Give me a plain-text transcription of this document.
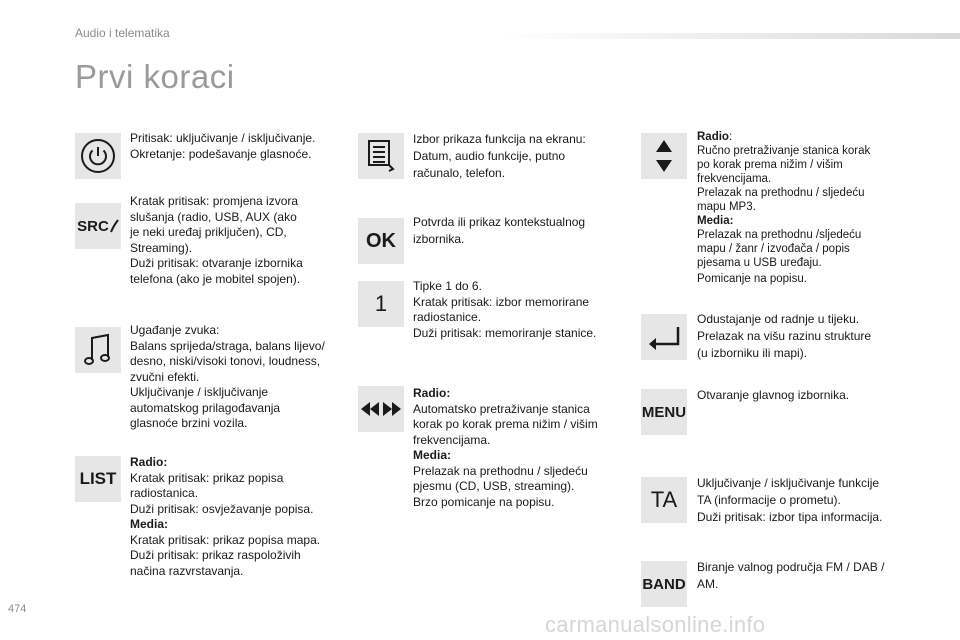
Audio i telematika
Prvi koraci
Pritisak: uključivanje / isključivanje.
Okretanje: podešavanje glasnoće.
SRC
Kratak pritisak: promjena izvora
slušanja (radio, USB, AUX (ako
je neki uređaj priključen), CD,
Streaming).
Duži pritisak: otvaranje izbornika
telefona (ako je mobitel spojen).
Ugađanje zvuka:
Balans sprijeda/straga, balans lijevo/
desno, niski/visoki tonovi, loudness,
zvučni efekti.
Uključivanje / isključivanje
automatskog prilagođavanja
glasnoće brzini vozila.
LIST
Radio:
Kratak pritisak: prikaz popisa
radiostanica.
Duži pritisak: osvježavanje popisa.
Media:
Kratak pritisak: prikaz popisa mapa.
Duži pritisak: prikaz raspoloživih
načina razvrstavanja.
Izbor prikaza funkcija na ekranu:
Datum, audio funkcije, putno
računalo, telefon.
OK
Potvrda ili prikaz kontekstualnog
izbornika.
1
Tipke 1 do 6.
Kratak pritisak: izbor memorirane
radiostanice.
Duži pritisak: memoriranje stanice.
Radio:
Automatsko pretraživanje stanica
korak po korak prema nižim / višim
frekvencijama.
Media:
Prelazak na prethodnu / sljedeću
pjesmu (CD, USB, streaming).
Brzo pomicanje na popisu.
Radio:
Ručno pretraživanje stanica korak
po korak prema nižim / višim
frekvencijama.
Prelazak na prethodnu / sljedeću
mapu MP3.
Media:
Prelazak na prethodnu /sljedeću
mapu / žanr / izvođača / popis
pjesama u USB uređaju.
Pomicanje na popisu.
Odustajanje od radnje u tijeku.
Prelazak na višu razinu strukture
(u izborniku ili mapi).
MENU
Otvaranje glavnog izbornika.
TA
Uključivanje / isključivanje funkcije
TA (informacije o prometu).
Duži pritisak: izbor tipa informacija.
BAND
Biranje valnog područja FM / DAB /
AM.
474
carmanualsonline.info
